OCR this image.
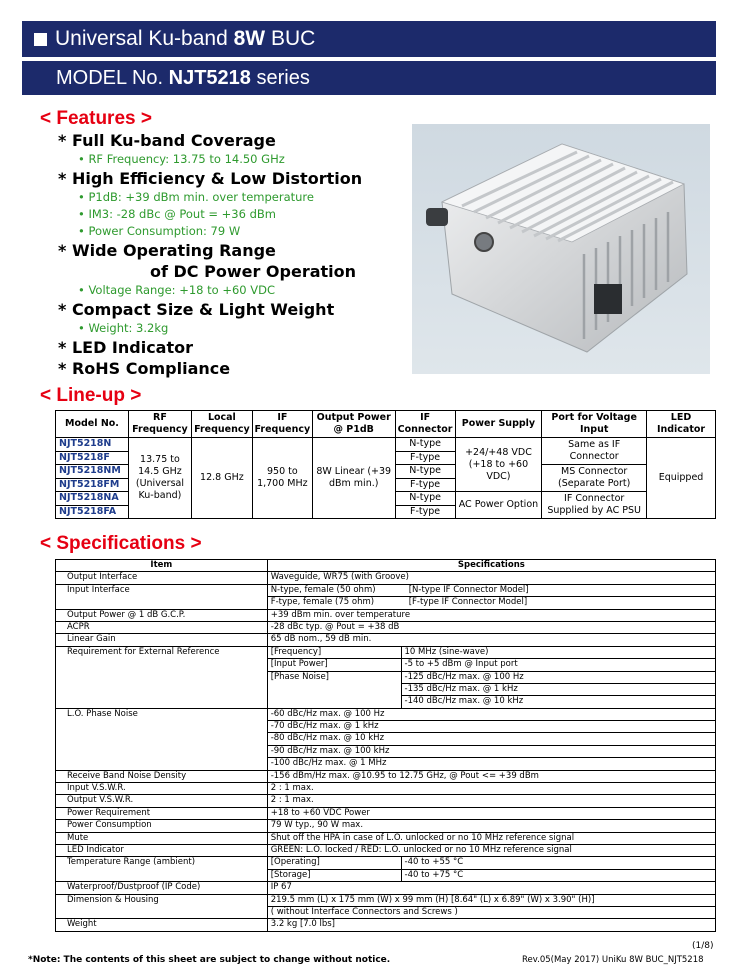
Universal Ku-band 8W BUC
MODEL No. NJT5218 series
< Features >
* Full Ku-band Coverage
• RF Frequency: 13.75 to 14.50 GHz
* High Efficiency & Low Distortion
• P1dB: +39 dBm min. over temperature
• IM3: -28 dBc @ Pout = +36 dBm
• Power Consumption: 79 W
* Wide Operating Range
of DC Power Operation
• Voltage Range: +18 to +60 VDC
* Compact Size & Light Weight
• Weight: 3.2kg
* LED Indicator
* RoHS Compliance
< Line-up >
Model No.	RF Frequency	Local Frequency	IF Frequency	Output Power @ P1dB	IF Connector	Power Supply	Port for Voltage Input	LED Indicator
NJT5218N	13.75 to 14.5 GHz (Universal Ku-band)	12.8 GHz	950 to 1,700 MHz	8W Linear (+39 dBm min.)	N-type	+24/+48 VDC (+18 to +60 VDC)	Same as IF Connector	Equipped
NJT5218F					F-type			
NJT5218NM					N-type		MS Connector (Separate Port)	
NJT5218FM					F-type			
NJT5218NA					N-type	AC Power Option	IF Connector Supplied by AC PSU	
NJT5218FA					F-type			
< Specifications >
Item	Specifications	
Output Interface	Waveguide, WR75 (with Groove)	
Input Interface	N-type, female (50 ohm) [N-type IF Connector Model]	
	F-type, female (75 ohm) [F-type IF Connector Model]	
Output Power @ 1 dB G.C.P.	+39 dBm min. over temperature	
ACPR	-28 dBc typ. @ Pout = +38 dB	
Linear Gain	65 dB nom., 59 dB min.	
Requirement for External Reference	[Frequency]	10 MHz (sine-wave)
	[Input Power]	-5 to +5 dBm @ Input port
	[Phase Noise]	-125 dBc/Hz max. @ 100 Hz
		-135 dBc/Hz max. @ 1 kHz
		-140 dBc/Hz max. @ 10 kHz
L.O. Phase Noise	-60 dBc/Hz max. @ 100 Hz	
	-70 dBc/Hz max. @ 1 kHz	
	-80 dBc/Hz max. @ 10 kHz	
	-90 dBc/Hz max. @ 100 kHz	
	-100 dBc/Hz max. @ 1 MHz	
Receive Band Noise Density	-156 dBm/Hz max. @10.95 to 12.75 GHz, @ Pout <= +39 dBm	
Input V.S.W.R.	2 : 1 max.	
Output V.S.W.R.	2 : 1 max.	
Power Requirement	+18 to +60 VDC Power	
Power Consumption	79 W typ., 90 W max.	
Mute	Shut off the HPA in case of L.O. unlocked or no 10 MHz reference signal	
LED Indicator	GREEN: L.O. locked / RED: L.O. unlocked or no 10 MHz reference signal	
Temperature Range (ambient)	[Operating]	-40 to +55 °C
	[Storage]	-40 to +75 °C
Waterproof/Dustproof (IP Code)	IP 67	
Dimension & Housing	219.5 mm (L) x 175 mm (W) x 99 mm (H) [8.64" (L) x 6.89" (W) x 3.90" (H)]	
	( without Interface Connectors and Screws )	
Weight	3.2 kg [7.0 lbs]	
(1/8)
*Note: The contents of this sheet are subject to change without notice.	Rev.05(May 2017) UniKu 8W BUC_NJT5218
